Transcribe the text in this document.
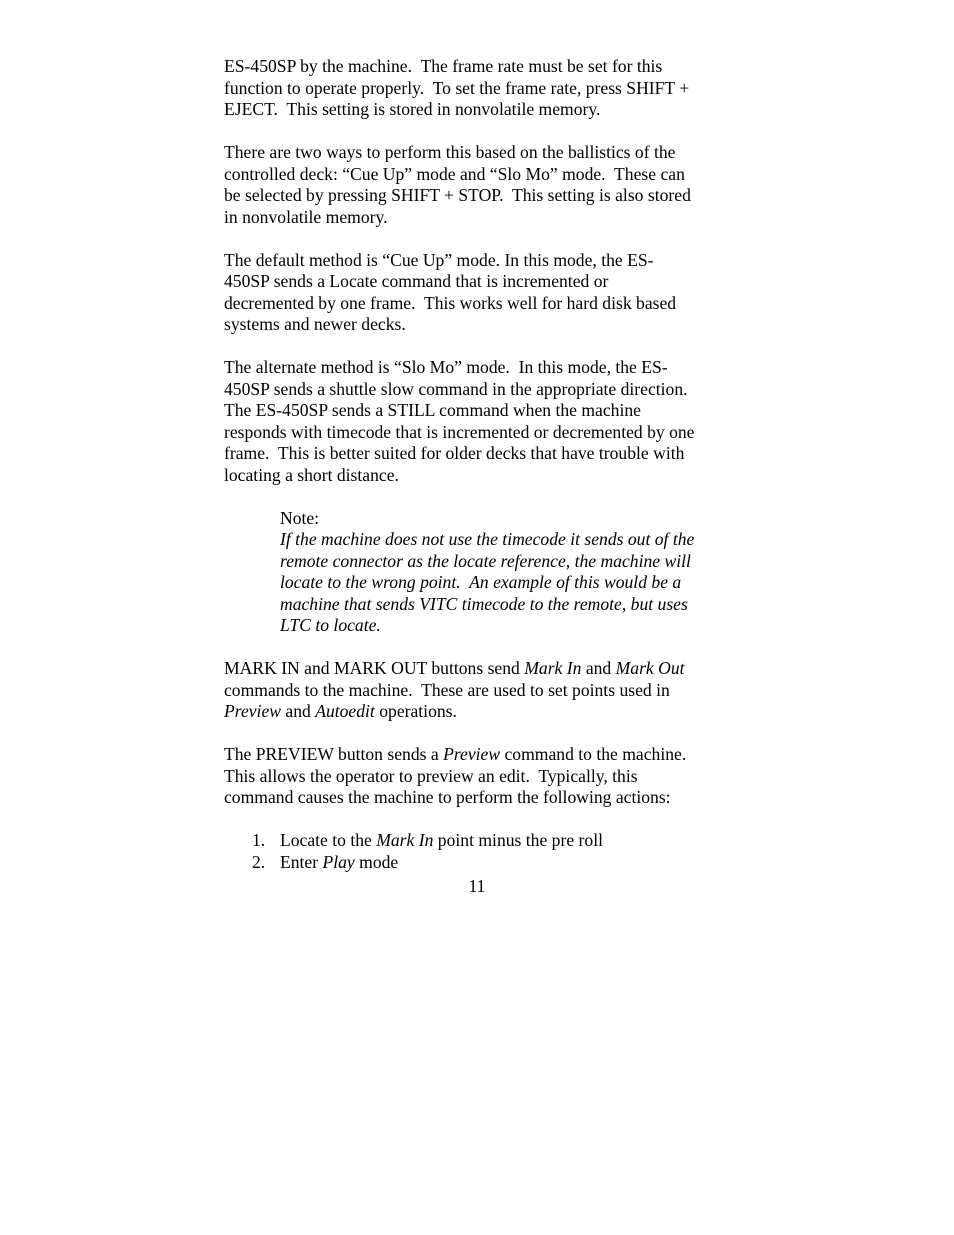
ES-450SP by the machine.  The frame rate must be set for this
function to operate properly.  To set the frame rate, press SHIFT +
EJECT.  This setting is stored in nonvolatile memory.
There are two ways to perform this based on the ballistics of the
controlled deck: “Cue Up” mode and “Slo Mo” mode.  These can
be selected by pressing SHIFT + STOP.  This setting is also stored
in nonvolatile memory.
The default method is “Cue Up” mode. In this mode, the ES-
450SP sends a Locate command that is incremented or
decremented by one frame.  This works well for hard disk based
systems and newer decks.
The alternate method is “Slo Mo” mode.  In this mode, the ES-
450SP sends a shuttle slow command in the appropriate direction.
The ES-450SP sends a STILL command when the machine
responds with timecode that is incremented or decremented by one
frame.  This is better suited for older decks that have trouble with
locating a short distance.
Note:
If the machine does not use the timecode it sends out of the
remote connector as the locate reference, the machine will
locate to the wrong point.  An example of this would be a
machine that sends VITC timecode to the remote, but uses
LTC to locate.
MARK IN and MARK OUT buttons send Mark In and Mark Out
commands to the machine.  These are used to set points used in
Preview and Autoedit operations.
The PREVIEW button sends a Preview command to the machine.
This allows the operator to preview an edit.  Typically, this
command causes the machine to perform the following actions:
1. Locate to the Mark In point minus the pre roll
2. Enter Play mode
11
